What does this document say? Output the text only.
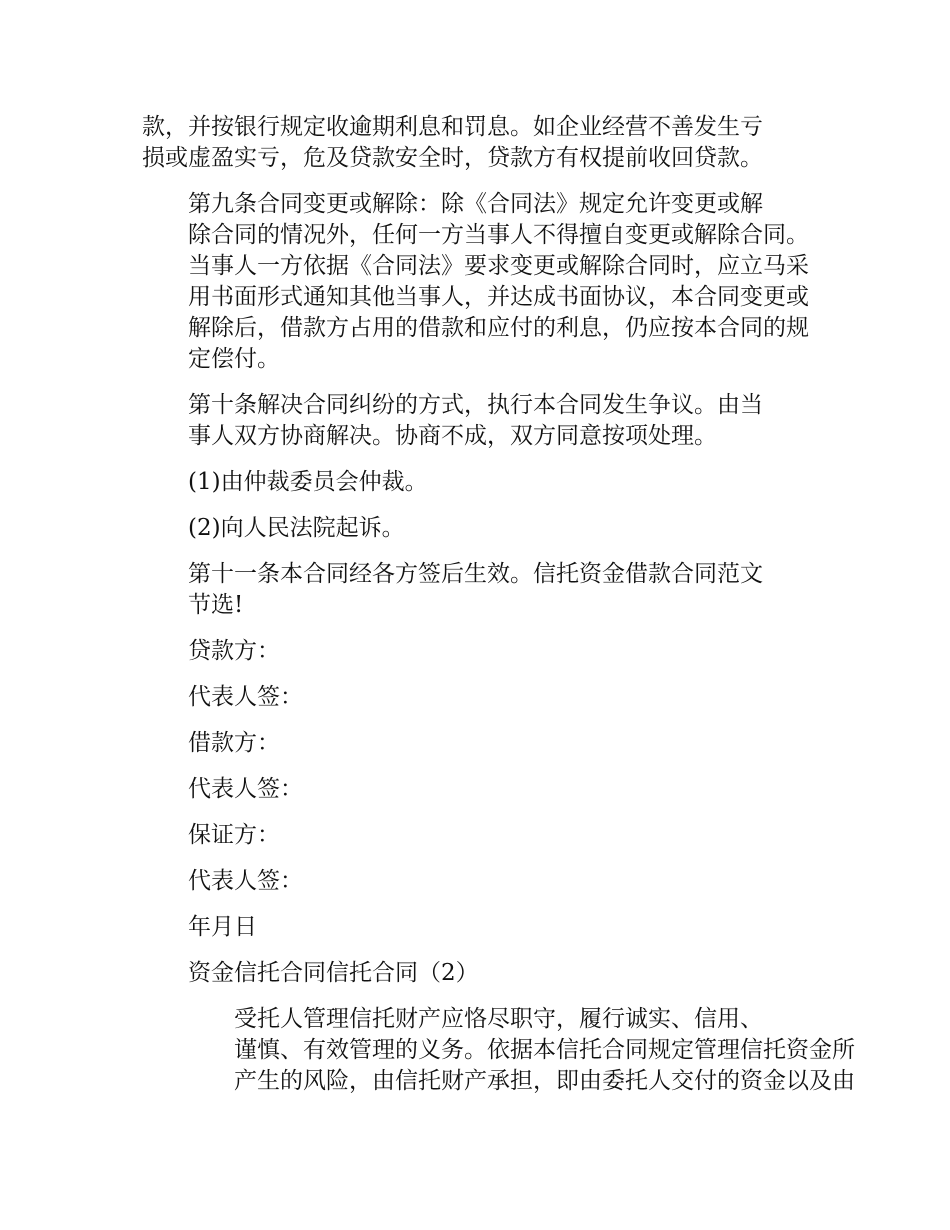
款，并按银行规定收逾期利息和罚息。如企业经营不善发生亏
损或虚盈实亏，危及贷款安全时，贷款方有权提前收回贷款。

第九条合同变更或解除：除《合同法》规定允许变更或解
除合同的情况外，任何一方当事人不得擅自变更或解除合同。
当事人一方依据《合同法》要求变更或解除合同时，应立马采
用书面形式通知其他当事人，并达成书面协议，本合同变更或
解除后，借款方占用的借款和应付的利息，仍应按本合同的规
定偿付。

第十条解决合同纠纷的方式，执行本合同发生争议。由当
事人双方协商解决。协商不成，双方同意按项处理。

(1)由仲裁委员会仲裁。

(2)向人民法院起诉。

第十一条本合同经各方签后生效。信托资金借款合同范文
节选!

贷款方：

代表人签：

借款方：

代表人签：

保证方：

代表人签：

年月日

资金信托合同信托合同（2）

受托人管理信托财产应恪尽职守，履行诚实、信用、
谨慎、有效管理的义务。依据本信托合同规定管理信托资金所
产生的风险，由信托财产承担，即由委托人交付的资金以及由
